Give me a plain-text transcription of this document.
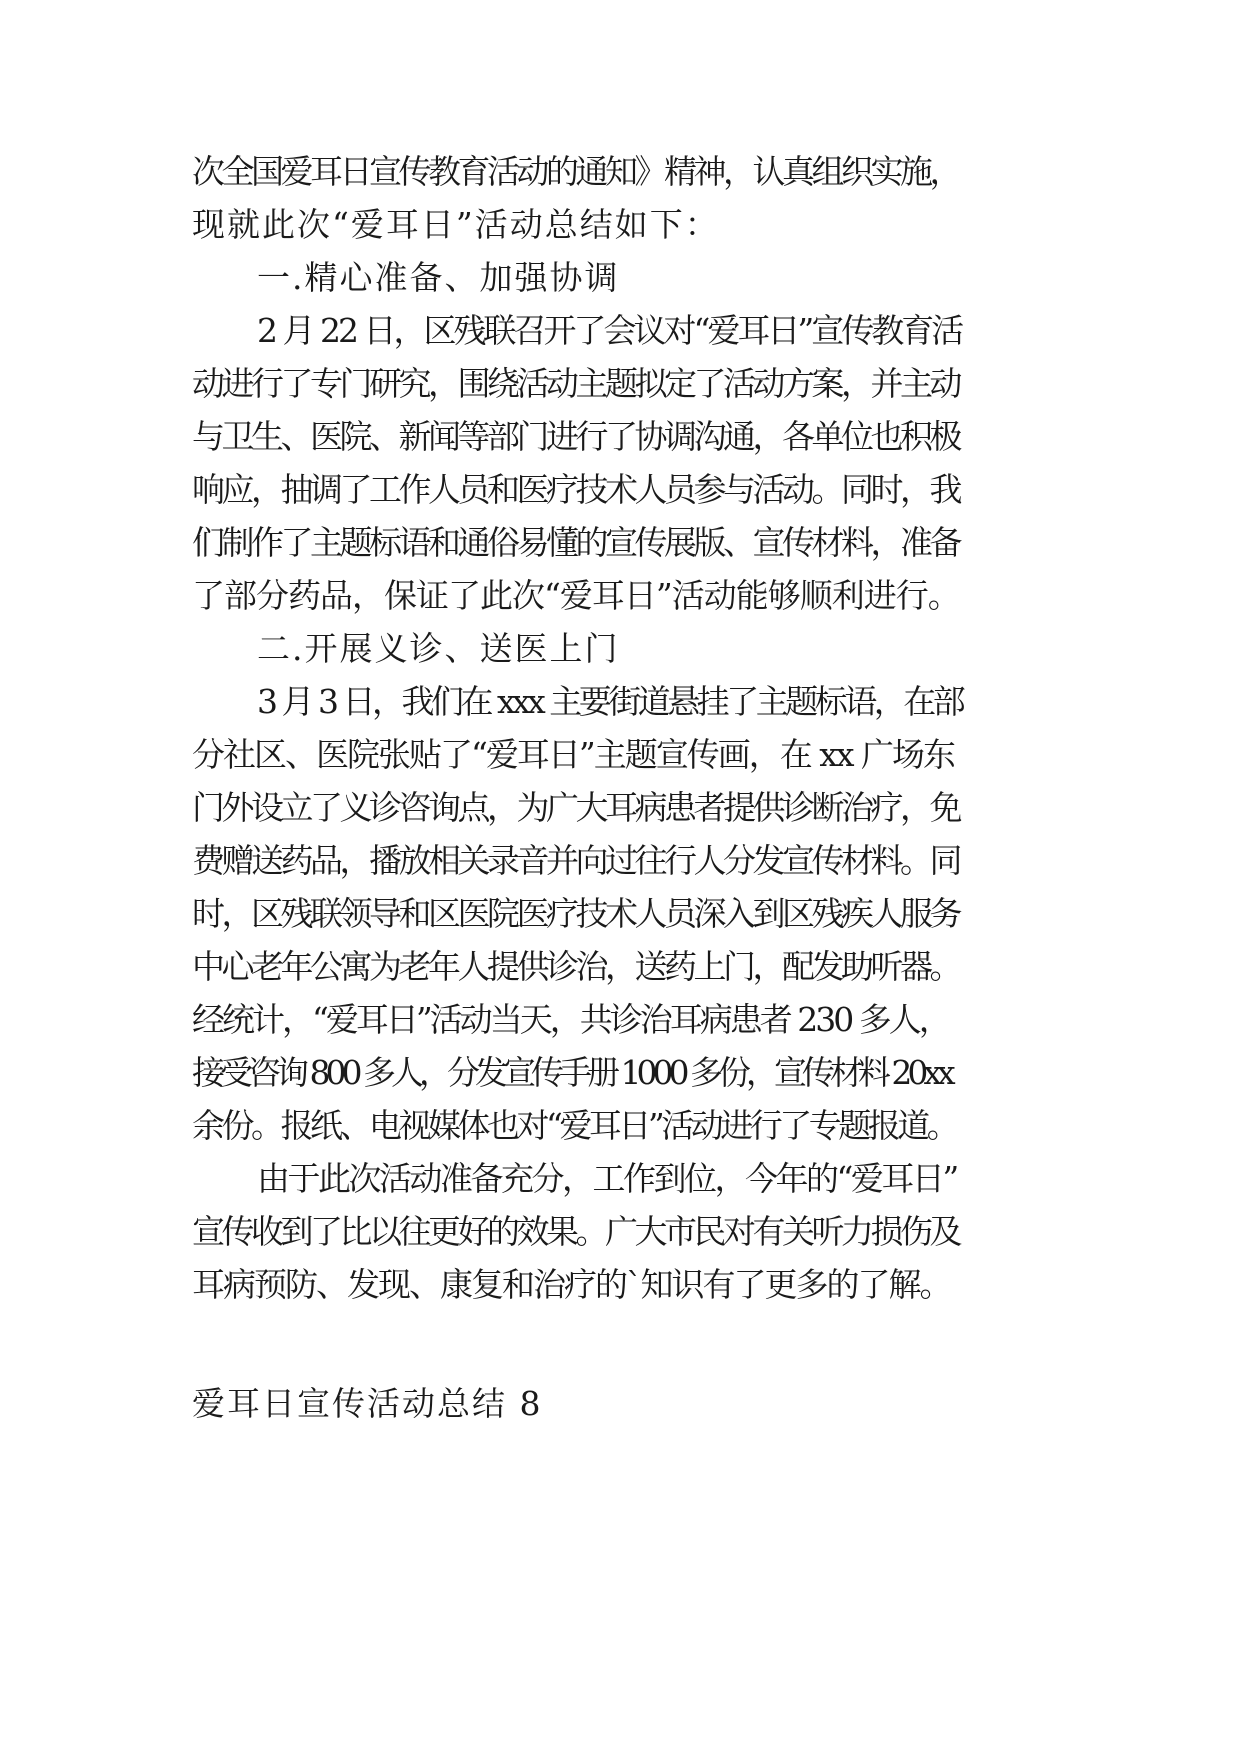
次全国爱耳日宣传教育活动的通知》精神，认真组织实施，

现就此次“爱耳日”活动总结如下：

一.精心准备、加强协调

2 月 22 日，区残联召开了会议对“爱耳日”宣传教育活

动进行了专门研究，围绕活动主题拟定了活动方案，并主动

与卫生、医院、新闻等部门进行了协调沟通，各单位也积极

响应，抽调了工作人员和医疗技术人员参与活动。同时，我

们制作了主题标语和通俗易懂的宣传展版、宣传材料，准备

了部分药品，保证了此次“爱耳日”活动能够顺利进行。

二.开展义诊、送医上门

3 月 3 日，我们在 xxx 主要街道悬挂了主题标语，在部

分社区、医院张贴了“爱耳日”主题宣传画，在 xx 广场东

门外设立了义诊咨询点，为广大耳病患者提供诊断治疗，免

费赠送药品，播放相关录音并向过往行人分发宣传材料。同

时，区残联领导和区医院医疗技术人员深入到区残疾人服务

中心老年公寓为老年人提供诊治，送药上门，配发助听器。

经统计，“爱耳日”活动当天，共诊治耳病患者 230 多人，

接受咨询 800 多人，分发宣传手册 1000 多份，宣传材料 20xx

余份。报纸、电视媒体也对“爱耳日”活动进行了专题报道。

由于此次活动准备充分，工作到位，今年的“爱耳日”

宣传收到了比以往更好的效果。广大市民对有关听力损伤及

耳病预防、发现、康复和治疗的`知识有了更多的了解。

爱耳日宣传活动总结 8
